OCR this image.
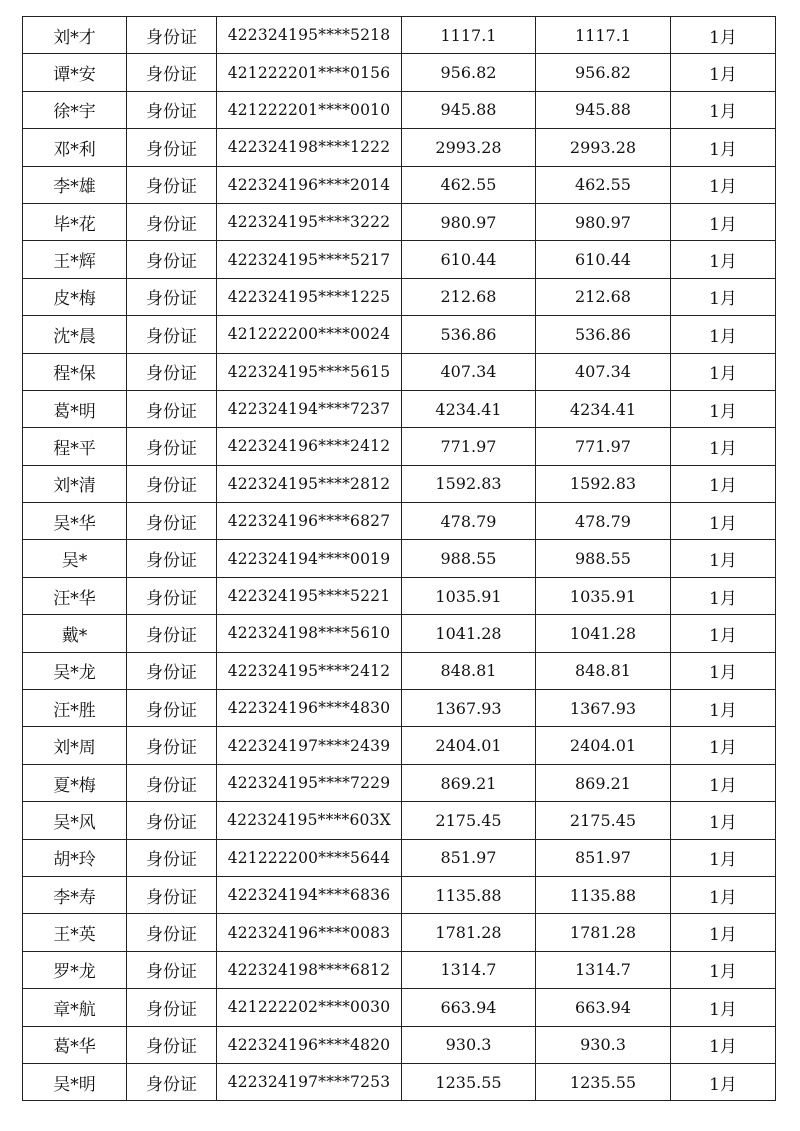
刘*才	身份证	422324195****5218	1117.1	1117.1	1月
谭*安	身份证	421222201****0156	956.82	956.82	1月
徐*宇	身份证	421222201****0010	945.88	945.88	1月
邓*利	身份证	422324198****1222	2993.28	2993.28	1月
李*雄	身份证	422324196****2014	462.55	462.55	1月
毕*花	身份证	422324195****3222	980.97	980.97	1月
王*辉	身份证	422324195****5217	610.44	610.44	1月
皮*梅	身份证	422324195****1225	212.68	212.68	1月
沈*晨	身份证	421222200****0024	536.86	536.86	1月
程*保	身份证	422324195****5615	407.34	407.34	1月
葛*明	身份证	422324194****7237	4234.41	4234.41	1月
程*平	身份证	422324196****2412	771.97	771.97	1月
刘*清	身份证	422324195****2812	1592.83	1592.83	1月
吴*华	身份证	422324196****6827	478.79	478.79	1月
吴*	身份证	422324194****0019	988.55	988.55	1月
汪*华	身份证	422324195****5221	1035.91	1035.91	1月
戴*	身份证	422324198****5610	1041.28	1041.28	1月
吴*龙	身份证	422324195****2412	848.81	848.81	1月
汪*胜	身份证	422324196****4830	1367.93	1367.93	1月
刘*周	身份证	422324197****2439	2404.01	2404.01	1月
夏*梅	身份证	422324195****7229	869.21	869.21	1月
吴*风	身份证	422324195****603X	2175.45	2175.45	1月
胡*玲	身份证	421222200****5644	851.97	851.97	1月
李*寿	身份证	422324194****6836	1135.88	1135.88	1月
王*英	身份证	422324196****0083	1781.28	1781.28	1月
罗*龙	身份证	422324198****6812	1314.7	1314.7	1月
章*航	身份证	421222202****0030	663.94	663.94	1月
葛*华	身份证	422324196****4820	930.3	930.3	1月
吴*明	身份证	422324197****7253	1235.55	1235.55	1月
